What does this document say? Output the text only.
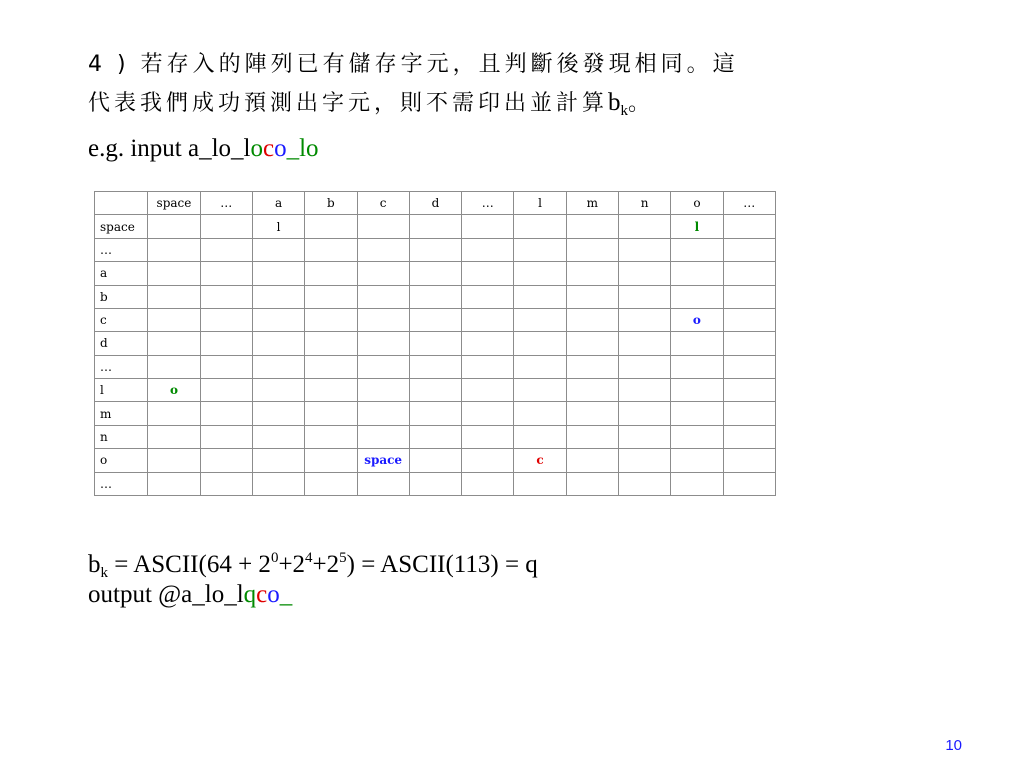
4 ) 若存入的陣列已有儲存字元，且判斷後發現相同。這
代表我們成功預測出字元，則不需印出並計算$b_k$。
e.g. input a_lo_loco_lo
	space	…	a	b	c	d	…	l	m	n	o	…
space			l								l	
…												
a												
b												
c											o	
d												
…												
l	o											
m												
n												
o					space			c				
…												
$b_k$ = ASCII(64 + $2^0+2^4+2^5$) = ASCII(113) = q
output @a_lo_lqco_
10
